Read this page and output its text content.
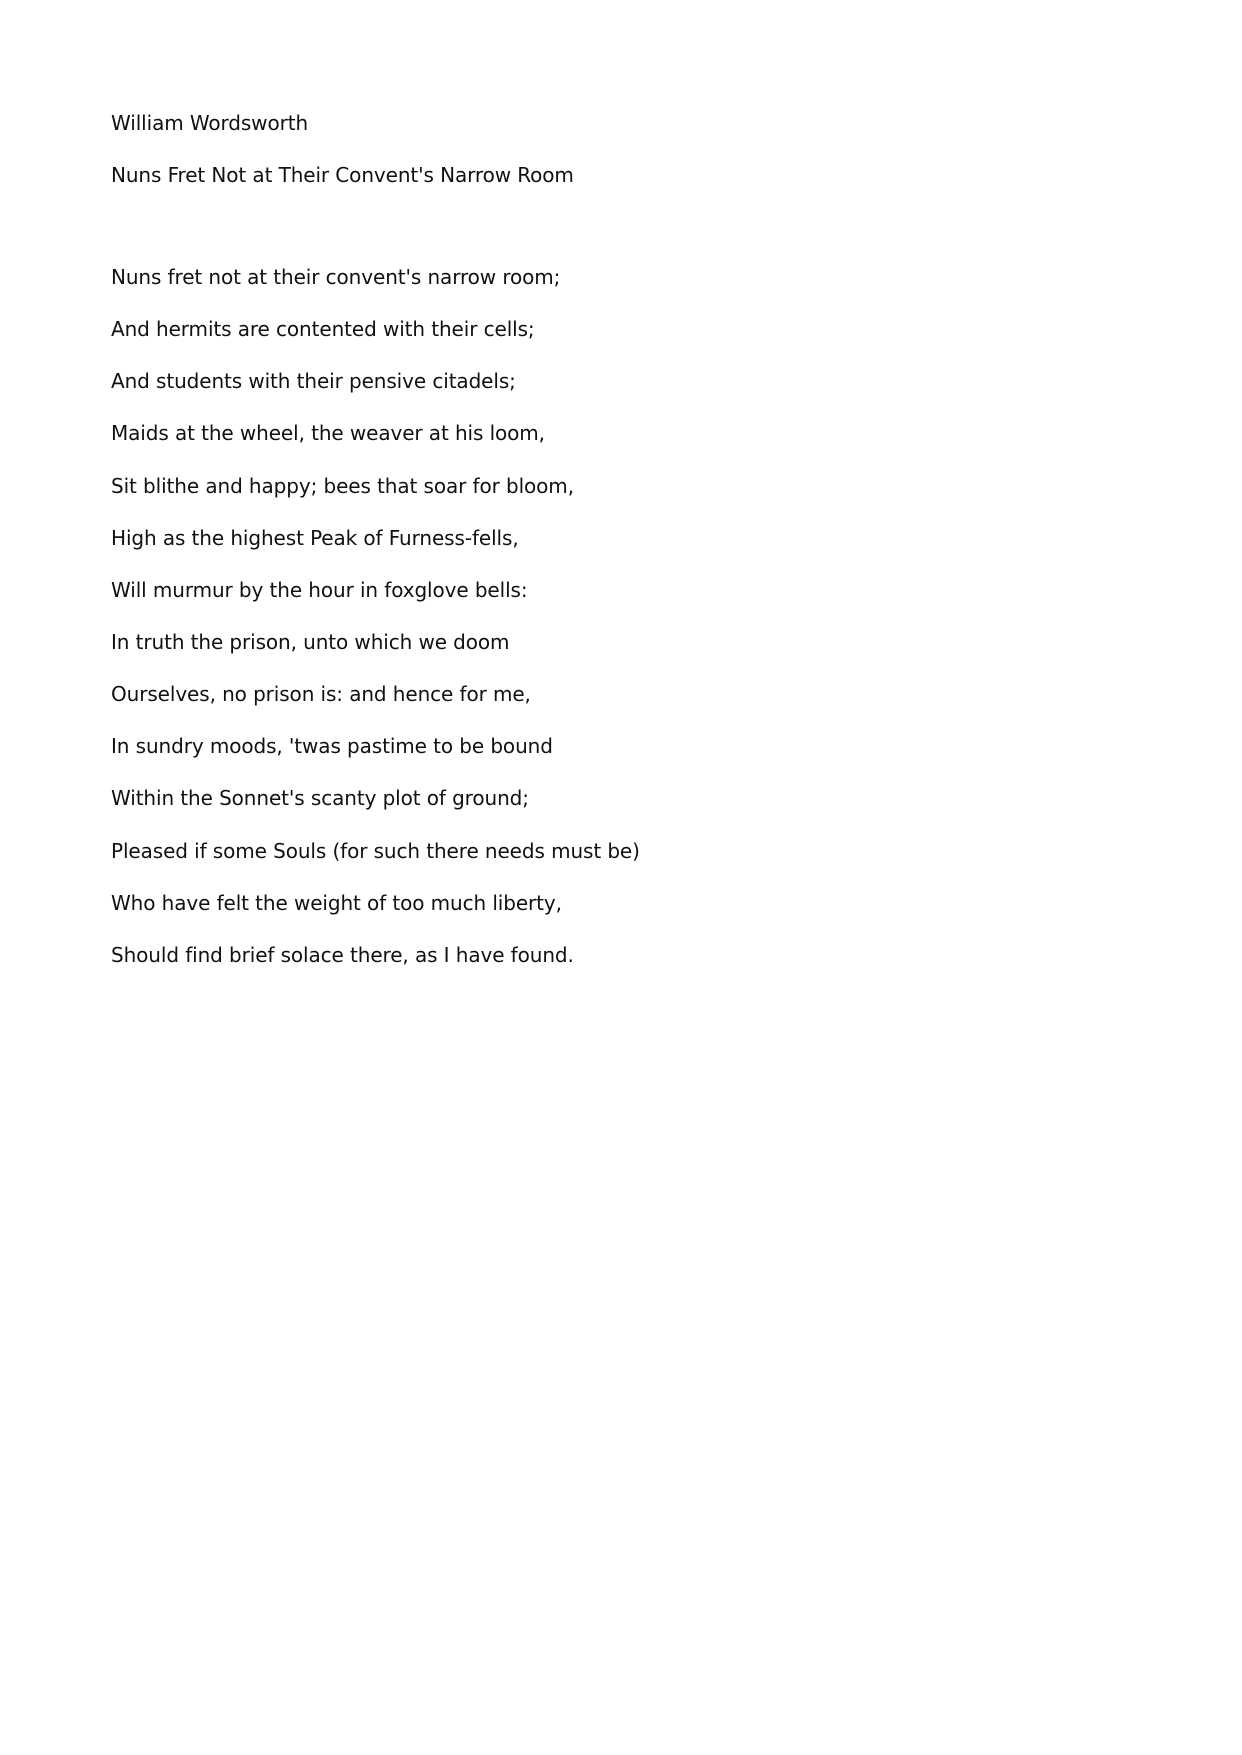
William Wordsworth
Nuns Fret Not at Their Convent's Narrow Room
Nuns fret not at their convent's narrow room;
And hermits are contented with their cells;
And students with their pensive citadels;
Maids at the wheel, the weaver at his loom,
Sit blithe and happy; bees that soar for bloom,
High as the highest Peak of Furness-fells,
Will murmur by the hour in foxglove bells:
In truth the prison, unto which we doom
Ourselves, no prison is: and hence for me,
In sundry moods, 'twas pastime to be bound
Within the Sonnet's scanty plot of ground;
Pleased if some Souls (for such there needs must be)
Who have felt the weight of too much liberty,
Should find brief solace there, as I have found.
